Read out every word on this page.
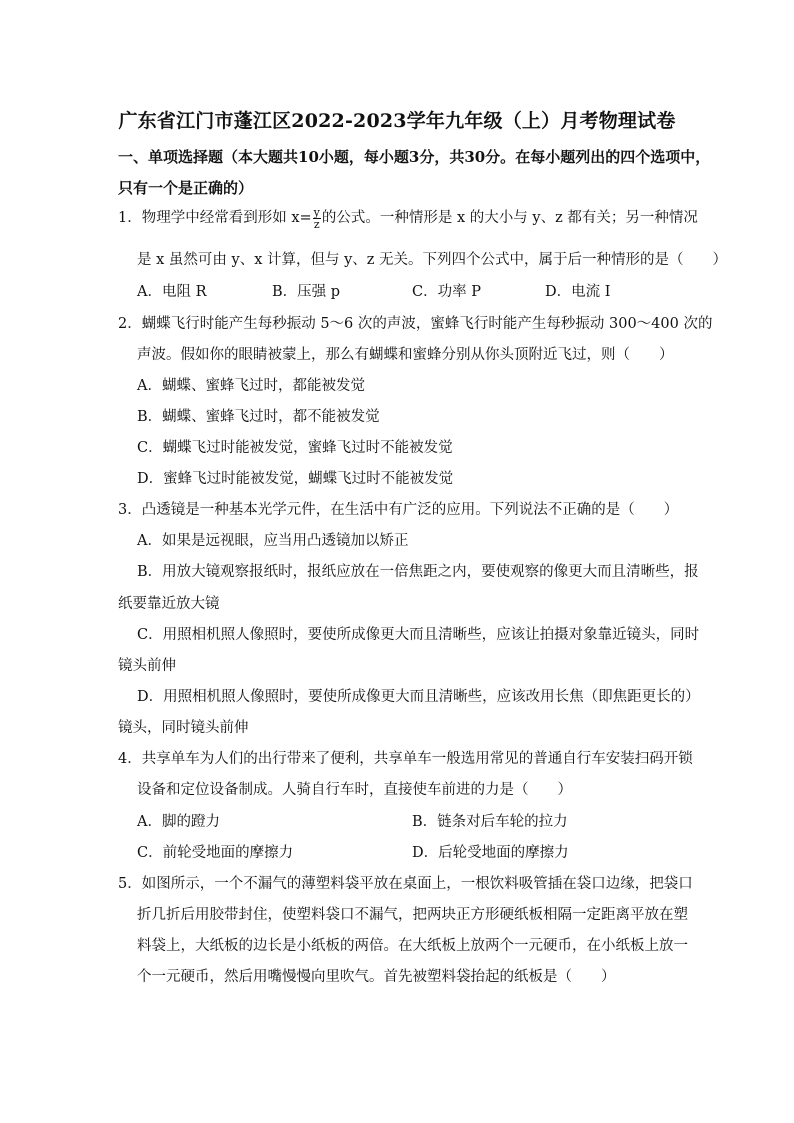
广东省江门市蓬江区2022-2023学年九年级（上）月考物理试卷
一、单项选择题（本大题共10小题，每小题3分，共30分。在每小题列出的四个选项中，
只有一个是正确的）
1．物理学中经常看到形如 $x= \frac{y}{z}$ 的公式。一种情形是 x 的大小与 y、z 都有关；另一种情况
是 x 虽然可由 y、x 计算，但与 y、z 无关。下列四个公式中，属于后一种情形的是（　　）
A．电阻 R	B．压强 p	C．功率 P	D．电流 I
2．蝴蝶飞行时能产生每秒振动 5～6 次的声波，蜜蜂飞行时能产生每秒振动 300～400 次的
声波。假如你的眼睛被蒙上，那么有蝴蝶和蜜蜂分别从你头顶附近飞过，则（　　）
A．蝴蝶、蜜蜂飞过时，都能被发觉
B．蝴蝶、蜜蜂飞过时，都不能被发觉
C．蝴蝶飞过时能被发觉，蜜蜂飞过时不能被发觉
D．蜜蜂飞过时能被发觉，蝴蝶飞过时不能被发觉
3．凸透镜是一种基本光学元件，在生活中有广泛的应用。下列说法不正确的是（　　）
A．如果是远视眼，应当用凸透镜加以矫正
B．用放大镜观察报纸时，报纸应放在一倍焦距之内，要使观察的像更大而且清晰些，报
纸要靠近放大镜
C．用照相机照人像照时，要使所成像更大而且清晰些，应该让拍摄对象靠近镜头，同时
镜头前伸
D．用照相机照人像照时，要使所成像更大而且清晰些，应该改用长焦（即焦距更长的）
镜头，同时镜头前伸
4．共享单车为人们的出行带来了便利，共享单车一般选用常见的普通自行车安装扫码开锁
设备和定位设备制成。人骑自行车时，直接使车前进的力是（　　）
A．脚的蹬力	B．链条对后车轮的拉力
C．前轮受地面的摩擦力	D．后轮受地面的摩擦力
5．如图所示，一个不漏气的薄塑料袋平放在桌面上，一根饮料吸管插在袋口边缘，把袋口
折几折后用胶带封住，使塑料袋口不漏气，把两块正方形硬纸板相隔一定距离平放在塑
料袋上，大纸板的边长是小纸板的两倍。在大纸板上放两个一元硬币，在小纸板上放一
个一元硬币，然后用嘴慢慢向里吹气。首先被塑料袋抬起的纸板是（　　）
